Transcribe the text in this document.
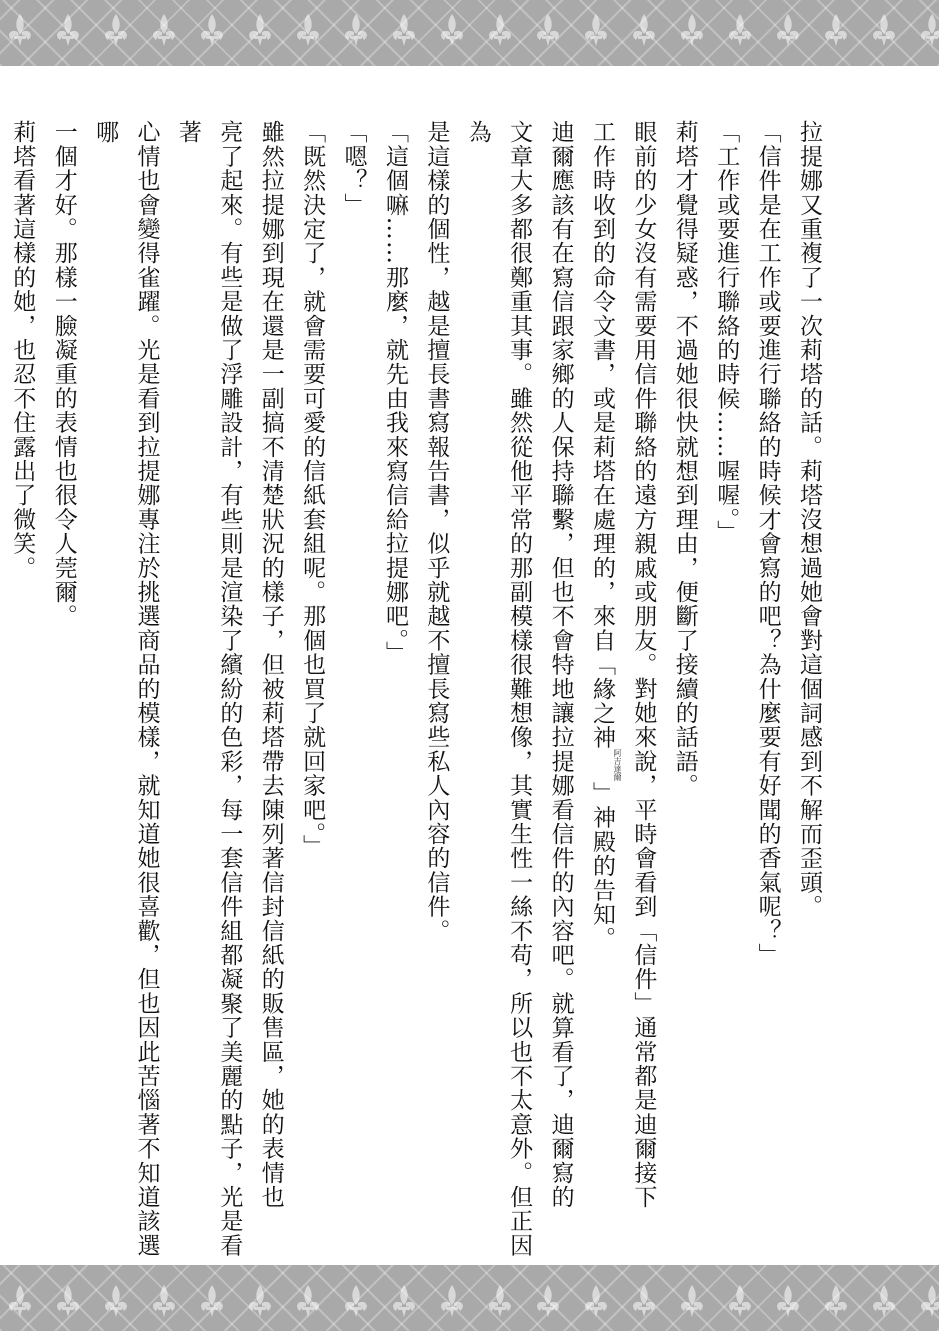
拉提娜又重複了一次莉塔的話。莉塔沒想過她會對這個詞感到不解而歪頭。

「信件是在工作或要進行聯絡的時候才會寫的吧？為什麼要有好聞的香氣呢？」

「工作或要進行聯絡的時候……喔喔。」

莉塔才覺得疑惑，不過她很快就想到理由，便斷了接續的話語。

眼前的少女沒有需要用信件聯絡的遠方親戚或朋友。對她來說，平時會看到「信件」通常都是迪爾接下

工作時收到的命令文書，或是莉塔在處理的，來自「緣之神阿吉達爾」神殿的告知。

迪爾應該有在寫信跟家鄉的人保持聯繫，但也不會特地讓拉提娜看信件的內容吧。就算看了，迪爾寫的

文章大多都很鄭重其事。雖然從他平常的那副模樣很難想像，其實生性一絲不苟，所以也不太意外。但正因為

是這樣的個性，越是擅長書寫報告書，似乎就越不擅長寫些私人內容的信件。

「這個嘛……那麼，就先由我來寫信給拉提娜吧。」

「嗯？」

「既然決定了，就會需要可愛的信紙套組呢。那個也買了就回家吧。」

雖然拉提娜到現在還是一副搞不清楚狀況的樣子，但被莉塔帶去陳列著信封信紙的販售區，她的表情也

亮了起來。有些是做了浮雕設計，有些則是渲染了繽紛的色彩，每一套信件組都凝聚了美麗的點子，光是看著

心情也會變得雀躍。光是看到拉提娜專注於挑選商品的模樣，就知道她很喜歡，但也因此苦惱著不知道該選哪

一個才好。那樣一臉凝重的表情也很令人莞爾。

莉塔看著這樣的她，也忍不住露出了微笑。
